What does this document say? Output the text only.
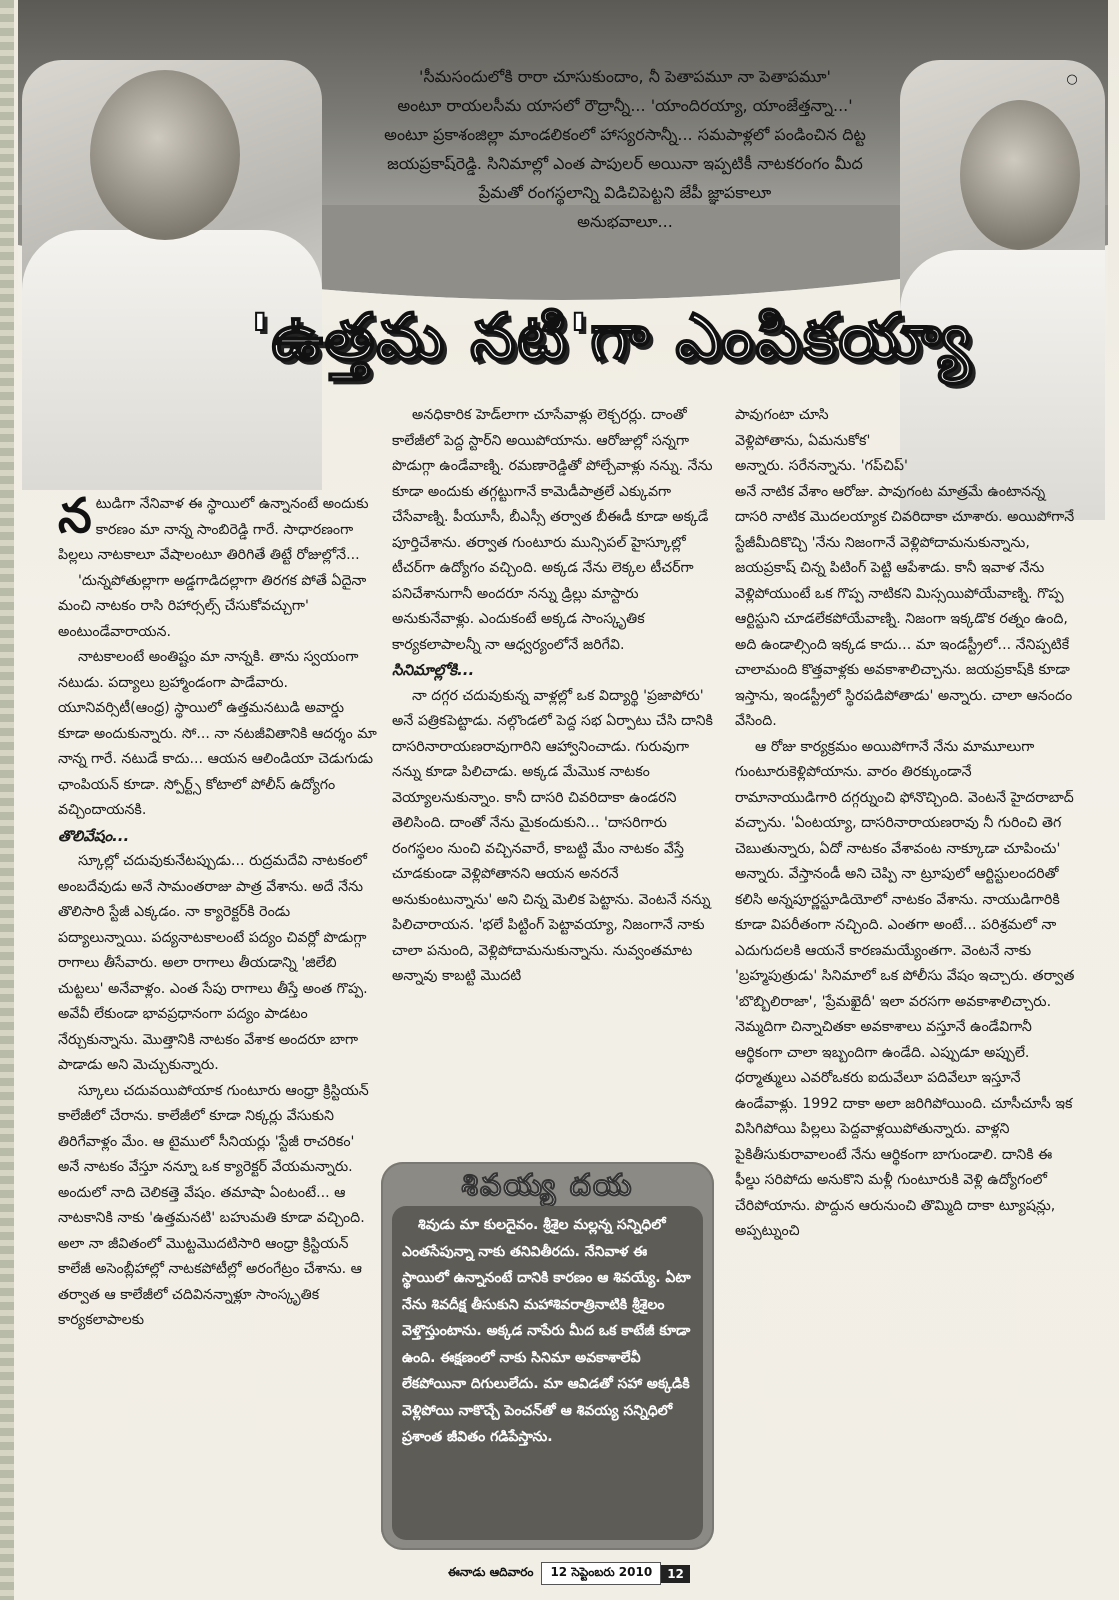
'సీమసందులోకి రారా చూసుకుందాం, నీ పెతాపమూ నా పెతాపమూ'
అంటూ రాయలసీమ యాసలో రౌద్రాన్నీ... 'యాందిరయ్యా, యాంజేత్తన్నా...'
అంటూ ప్రకాశంజిల్లా మాండలికంలో హాస్యరసాన్నీ... సమపాళ్లలో పండించిన దిట్ట
జయప్రకాష్‌రెడ్డి. సినిమాల్లో ఎంత పాపులర్ అయినా ఇప్పటికీ నాటకరంగం మీద
ప్రేమతో రంగస్థలాన్ని విడిచిపెట్టని జేపీ జ్ఞాపకాలూ
అనుభవాలూ...
○
'ఉత్తమ నటి'గా ఎంపికయ్యా

నటుడిగా నేనివాళ ఈ స్థాయిలో ఉన్నానంటే అందుకు కారణం మా నాన్న సాంబిరెడ్డి గారే. సాధారణంగా పిల్లలు నాటకాలూ వేషాలంటూ తిరిగితే తిట్టే రోజుల్లోనే...

'దున్నపోతుల్లాగా అడ్డగాడిదల్లాగా తిరగక పోతే ఏదైనా మంచి నాటకం రాసి రిహార్సల్స్ చేసుకోవచ్చుగా' అంటుండేవారాయన.

నాటకాలంటే అంతిష్టం మా నాన్నకి. తాను స్వయంగా నటుడు. పద్యాలు బ్రహ్మాండంగా పాడేవారు. యూనివర్సిటీ(ఆంధ్ర) స్థాయిలో ఉత్తమనటుడి అవార్డు కూడా అందుకున్నారు. సో... నా నటజీవితానికి ఆదర్శం మా నాన్న గారే. నటుడే కాదు... ఆయన ఆలిండియా చెడుగుడు ఛాంపియన్ కూడా. స్పోర్ట్స్ కోటాలో పోలీస్ ఉద్యోగం వచ్చిందాయనకి.

తొలివేషం...

స్కూల్లో చదువుకునేటప్పుడు... రుద్రమదేవి నాటకంలో అంబదేవుడు అనే సామంతరాజు పాత్ర వేశాను. అదే నేను తొలిసారి స్టేజీ ఎక్కడం. నా క్యారెక్టర్‌కి రెండు పద్యాలున్నాయి. పద్యనాటకాలంటే పద్యం చివర్లో పొడుగ్గా రాగాలు తీసేవారు. అలా రాగాలు తీయడాన్ని 'జిలేబి చుట్టలు' అనేవాళ్లం. ఎంత సేపు రాగాలు తీస్తే అంత గొప్ప. అవేవీ లేకుండా భావప్రధానంగా పద్యం పాడటం నేర్చుకున్నాను. మొత్తానికి నాటకం వేశాక అందరూ బాగా పాడాడు అని మెచ్చుకున్నారు.

స్కూలు చదువయిపోయాక గుంటూరు ఆంధ్రా క్రిస్టియన్ కాలేజీలో చేరాను. కాలేజీలో కూడా నిక్కర్లు వేసుకుని తిరిగేవాళ్లం మేం. ఆ టైములో సీనియర్లు 'స్టేజీ రాచరికం' అనే నాటకం వేస్తూ నన్నూ ఒక క్యారెక్టర్ వేయమన్నారు. అందులో నాది చెలికత్తె వేషం. తమాషా ఏంటంటే... ఆ నాటకానికి నాకు 'ఉత్తమనటి' బహుమతి కూడా వచ్చింది. అలా నా జీవితంలో మొట్టమొదటిసారి ఆంధ్రా క్రిస్టియన్ కాలేజీ అసెంబ్లీహాల్లో నాటకపోటీల్లో అరంగేట్రం చేశాను. ఆ తర్వాత ఆ కాలేజీలో చదివినన్నాళ్లూ సాంస్కృతిక కార్యకలాపాలకు

అనధికారిక హెడ్‌లాగా చూసేవాళ్లు లెక్చరర్లు. దాంతో కాలేజీలో పెద్ద స్టార్‌ని అయిపోయాను. ఆరోజుల్లో సన్నగా పొడుగ్గా ఉండేవాణ్ని. రమణారెడ్డితో పోల్చేవాళ్లు నన్ను. నేను కూడా అందుకు తగ్గట్టుగానే కామెడీపాత్రలే ఎక్కువగా చేసేవాణ్ని. పీయూసీ, బీఎస్సీ తర్వాత బీఈడీ కూడా అక్కడే పూర్తిచేశాను. తర్వాత గుంటూరు మున్సిపల్ హైస్కూల్లో టీచర్‌గా ఉద్యోగం వచ్చింది. అక్కడ నేను లెక్కల టీచర్‌గా పనిచేశానుగానీ అందరూ నన్ను డ్రిల్లు మాస్టారు అనుకునేవాళ్లు. ఎందుకంటే అక్కడ సాంస్కృతిక కార్యకలాపాలన్నీ నా ఆధ్వర్యంలోనే జరిగేవి.

సినిమాల్లోకి...

నా దగ్గర చదువుకున్న వాళ్లల్లో ఒక విద్యార్థి 'ప్రజాపోరు' అనే పత్రికపెట్టాడు. నల్గొండలో పెద్ద సభ ఏర్పాటు చేసి దానికి దాసరినారాయణరావుగారిని ఆహ్వానించాడు. గురువుగా నన్ను కూడా పిలిచాడు. అక్కడ మేమొక నాటకం వెయ్యాలనుకున్నాం. కానీ దాసరి చివరిదాకా ఉండరని తెలిసింది. దాంతో నేను మైకందుకుని... 'దాసరిగారు రంగస్థలం నుంచి వచ్చినవారే, కాబట్టి మేం నాటకం వేస్తే చూడకుండా వెళ్లిపోతానని ఆయన అనరనే అనుకుంటున్నాను' అని చిన్న మెలిక పెట్టాను. వెంటనే నన్ను పిలిచారాయన. 'భలే పిట్టింగ్ పెట్టావయ్యా, నిజంగానే నాకు చాలా పనుంది, వెళ్లిపోదామనుకున్నాను. నువ్వంతమాట అన్నావు కాబట్టి మొదటి

పావుగంటా చూసి

వెళ్లిపోతాను, ఏమనుకోక'

అన్నారు. సరేనన్నాను. 'గప్‌చిప్'

అనే నాటిక వేశాం ఆరోజు. పావుగంట మాత్రమే ఉంటానన్న దాసరి నాటిక మొదలయ్యాక చివరిదాకా చూశారు. అయిపోగానే స్టేజీమీదికొచ్చి 'నేను నిజంగానే వెళ్లిపోదామనుకున్నాను, జయప్రకాష్ చిన్న పిటింగ్ పెట్టి ఆపేశాడు. కానీ ఇవాళ నేను వెళ్లిపోయుంటే ఒక గొప్ప నాటికని మిస్సయిపోయేవాణ్ని. గొప్ప ఆర్టిస్టుని చూడలేకపోయేవాణ్ని. నిజంగా ఇక్కడొక రత్నం ఉంది, అది ఉండాల్సింది ఇక్కడ కాదు... మా ఇండస్ట్రీలో... నేనిప్పటికే చాలామంది కొత్తవాళ్లకు అవకాశాలిచ్చాను. జయప్రకాష్‌కి కూడా ఇస్తాను, ఇండస్ట్రీలో స్థిరపడిపోతాడు' అన్నారు. చాలా ఆనందం వేసింది.

ఆ రోజు కార్యక్రమం అయిపోగానే నేను మామూలుగా గుంటూరుకెళ్లిపోయాను. వారం తిరక్కుండానే రామానాయుడిగారి దగ్గర్నుంచి ఫోనొచ్చింది. వెంటనే హైదరాబాద్ వచ్చాను. 'ఏంటయ్యా, దాసరినారాయణరావు నీ గురించి తెగ చెబుతున్నారు, ఏదో నాటకం వేశావంట నాక్కూడా చూపించు' అన్నారు. వేస్తానండీ అని చెప్పి నా ట్రూపులో ఆర్టిస్టులందరితో కలిసి అన్నపూర్ణస్టూడియోలో నాటకం వేశాను. నాయుడిగారికి కూడా విపరీతంగా నచ్చింది. ఎంతగా అంటే... పరిశ్రమలో నా ఎదుగుదలకి ఆయనే కారణమయ్యేంతగా. వెంటనే నాకు 'బ్రహ్మపుత్రుడు' సినిమాలో ఒక పోలీసు వేషం ఇచ్చారు. తర్వాత 'బొబ్బిలిరాజా', 'ప్రేమఖైదీ' ఇలా వరసగా అవకాశాలిచ్చారు. నెమ్మదిగా చిన్నాచితకా అవకాశాలు వస్తూనే ఉండేవిగానీ ఆర్థికంగా చాలా ఇబ్బందిగా ఉండేది. ఎప్పుడూ అప్పులే. ధర్మాత్ములు ఎవరోఒకరు ఐదువేలూ పదివేలూ ఇస్తూనే ఉండేవాళ్లు. 1992 దాకా అలా జరిగిపోయింది. చూసీచూసీ ఇక విసిగిపోయి పిల్లలు పెద్దవాళ్లయిపోతున్నారు. వాళ్లని పైకితీసుకురావాలంటే నేను ఆర్థికంగా బాగుండాలి. దానికి ఈ ఫీల్డు సరిపోదు అనుకొని మళ్లీ గుంటూరుకి వెళ్లి ఉద్యోగంలో చేరిపోయాను. పొద్దున ఆరునుంచి తొమ్మిది దాకా ట్యూషన్లు, అప్పట్నుంచి

శివయ్య దయ

శివుడు మా కులదైవం. శ్రీశైల మల్లన్న సన్నిధిలో ఎంతసేపున్నా నాకు తనివితీరదు. నేనివాళ ఈ స్థాయిలో ఉన్నానంటే దానికి కారణం ఆ శివయ్యే. ఏటా నేను శివదీక్ష తీసుకుని మహాశివరాత్రినాటికి శ్రీశైలం వెళ్తొస్తుంటాను. అక్కడ నాపేరు మీద ఒక కాటేజీ కూడా ఉంది. ఈక్షణంలో నాకు సినిమా అవకాశాలేవీ లేకపోయినా దిగులులేదు. మా ఆవిడతో సహా అక్కడికి వెళ్లిపోయి నాకొచ్చే పెంచన్‌తో ఆ శివయ్య సన్నిధిలో ప్రశాంత జీవితం గడిపేస్తాను.

ఈనాడు ఆదివారం	12 సెప్టెంబరు 2010	12
